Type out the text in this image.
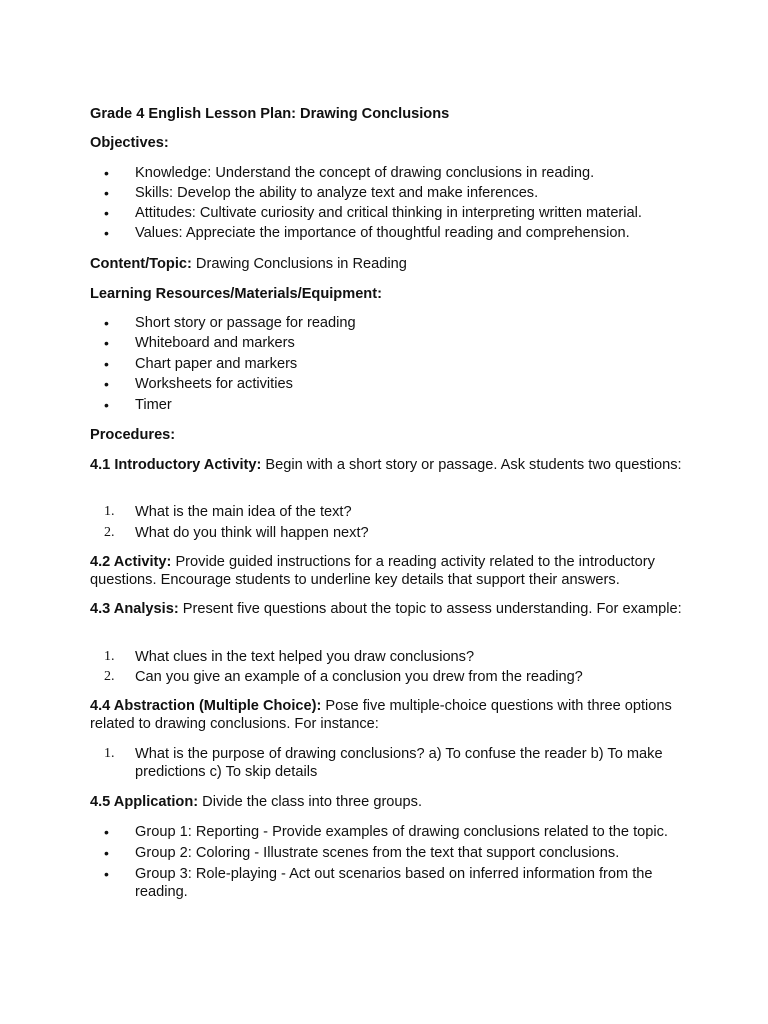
Grade 4 English Lesson Plan: Drawing Conclusions

Objectives:

•	Knowledge: Understand the concept of drawing conclusions in reading.
•	Skills: Develop the ability to analyze text and make inferences.
•	Attitudes: Cultivate curiosity and critical thinking in interpreting written material.
•	Values: Appreciate the importance of thoughtful reading and comprehension.

Content/Topic: Drawing Conclusions in Reading

Learning Resources/Materials/Equipment:

•	Short story or passage for reading
•	Whiteboard and markers
•	Chart paper and markers
•	Worksheets for activities
•	Timer

Procedures:

4.1 Introductory Activity: Begin with a short story or passage. Ask students two questions:

1.	What is the main idea of the text?
2.	What do you think will happen next?

4.2 Activity: Provide guided instructions for a reading activity related to the introductory questions. Encourage students to underline key details that support their answers.

4.3 Analysis: Present five questions about the topic to assess understanding. For example:

1.	What clues in the text helped you draw conclusions?
2.	Can you give an example of a conclusion you drew from the reading?

4.4 Abstraction (Multiple Choice): Pose five multiple-choice questions with three options related to drawing conclusions. For instance:

1.	What is the purpose of drawing conclusions? a) To confuse the reader b) To make predictions c) To skip details

4.5 Application: Divide the class into three groups.

•	Group 1: Reporting - Provide examples of drawing conclusions related to the topic.
•	Group 2: Coloring - Illustrate scenes from the text that support conclusions.
•	Group 3: Role-playing - Act out scenarios based on inferred information from the reading.
